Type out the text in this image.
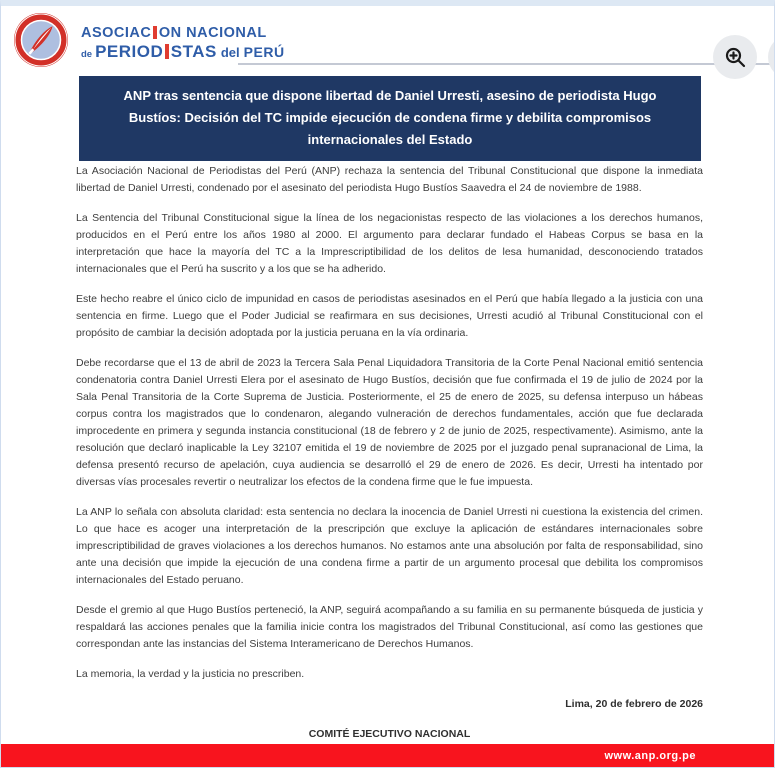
ASOCIAC ON NACIONAL
de PERIOD STAS del PERÚ
ANP tras sentencia que dispone libertad de Daniel Urresti, asesino de periodista Hugo Bustíos: Decisión del TC impide ejecución de condena firme y debilita compromisos internacionales del Estado

La Asociación Nacional de Periodistas del Perú (ANP) rechaza la sentencia del Tribunal Constitucional que dispone la inmediata libertad de Daniel Urresti, condenado por el asesinato del periodista Hugo Bustíos Saavedra el 24 de noviembre de 1988.

La Sentencia del Tribunal Constitucional sigue la línea de los negacionistas respecto de las violaciones a los derechos humanos, producidos en el Perú entre los años 1980 al 2000. El argumento para declarar fundado el Habeas Corpus se basa en la interpretación que hace la mayoría del TC a la Imprescriptibilidad de los delitos de lesa humanidad, desconociendo tratados internacionales que el Perú ha suscrito y a los que se ha adherido.

Este hecho reabre el único ciclo de impunidad en casos de periodistas asesinados en el Perú que había llegado a la justicia con una sentencia en firme. Luego que el Poder Judicial se reafirmara en sus decisiones, Urresti acudió al Tribunal Constitucional con el propósito de cambiar la decisión adoptada por la justicia peruana en la vía ordinaria.

Debe recordarse que el 13 de abril de 2023 la Tercera Sala Penal Liquidadora Transitoria de la Corte Penal Nacional emitió sentencia condenatoria contra Daniel Urresti Elera por el asesinato de Hugo Bustíos, decisión que fue confirmada el 19 de julio de 2024 por la Sala Penal Transitoria de la Corte Suprema de Justicia. Posteriormente, el 25 de enero de 2025, su defensa interpuso un hábeas corpus contra los magistrados que lo condenaron, alegando vulneración de derechos fundamentales, acción que fue declarada improcedente en primera y segunda instancia constitucional (18 de febrero y 2 de junio de 2025, respectivamente). Asimismo, ante la resolución que declaró inaplicable la Ley 32107 emitida el 19 de noviembre de 2025 por el juzgado penal supranacional de Lima, la defensa presentó recurso de apelación, cuya audiencia se desarrolló el 29 de enero de 2026. Es decir, Urresti ha intentado por diversas vías procesales revertir o neutralizar los efectos de la condena firme que le fue impuesta.

La ANP lo señala con absoluta claridad: esta sentencia no declara la inocencia de Daniel Urresti ni cuestiona la existencia del crimen. Lo que hace es acoger una interpretación de la prescripción que excluye la aplicación de estándares internacionales sobre imprescriptibilidad de graves violaciones a los derechos humanos. No estamos ante una absolución por falta de responsabilidad, sino ante una decisión que impide la ejecución de una condena firme a partir de un argumento procesal que debilita los compromisos internacionales del Estado peruano.

Desde el gremio al que Hugo Bustíos perteneció, la ANP, seguirá acompañando a su familia en su permanente búsqueda de justicia y respaldará las acciones penales que la familia inicie contra los magistrados del Tribunal Constitucional, así como las gestiones que correspondan ante las instancias del Sistema Interamericano de Derechos Humanos.

La memoria, la verdad y la justicia no prescriben.

Lima, 20 de febrero de 2026

COMITÉ EJECUTIVO NACIONAL

www.anp.org.pe
